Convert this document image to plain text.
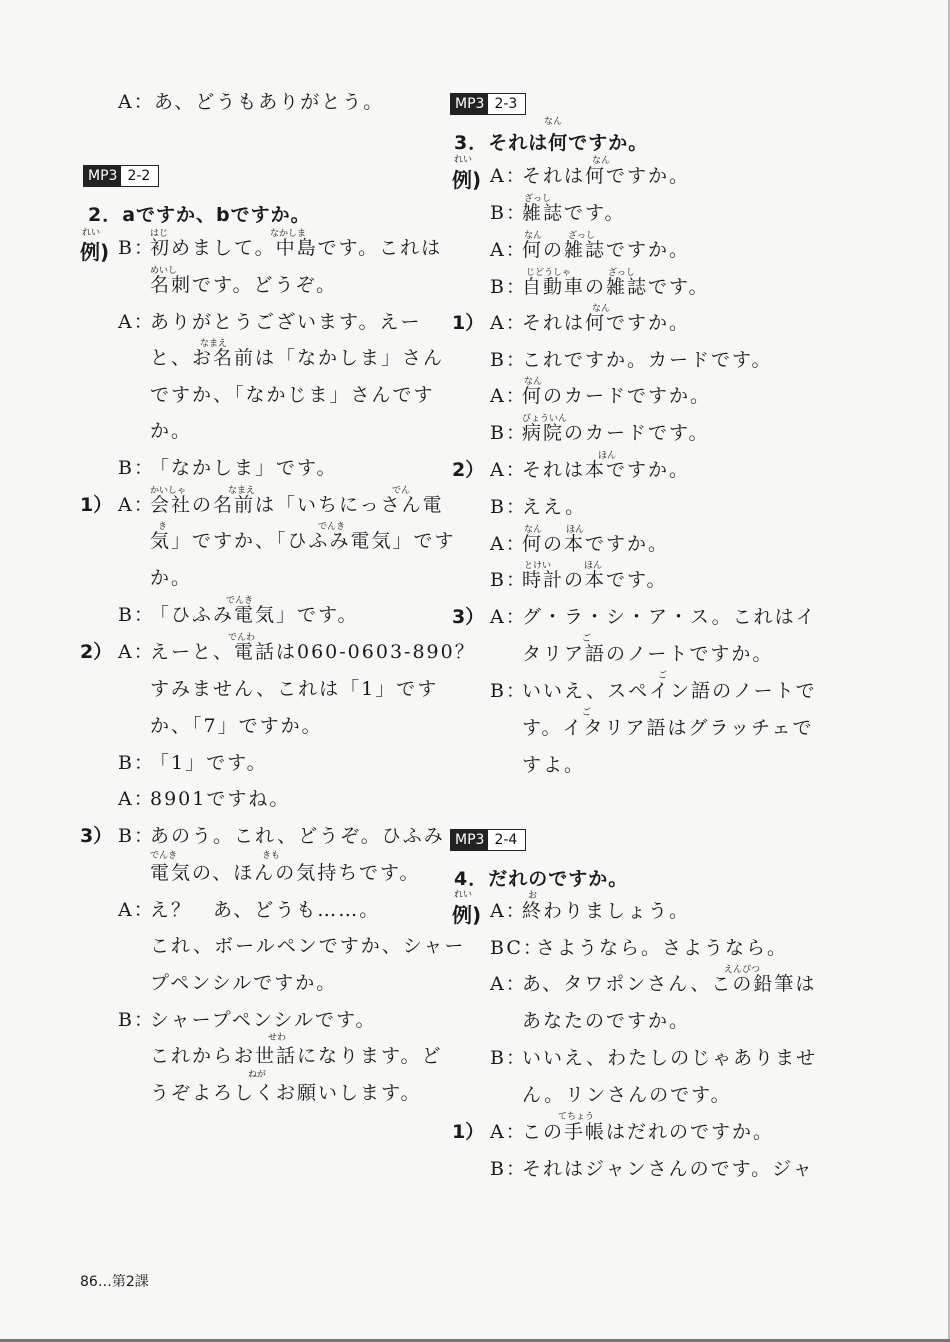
A： あ、どうもありがとう。
MP3 2-2
2．aですか、bですか。
例)
れい	はじ	なかしま
めいし
なまえ
かいしゃ	なまえ	でん
き	でんき
でんき
でんわ
でんき	きも
せわ
ねが
B：
初めまして。中島です。これは
名刺です。どうぞ。
A：
ありがとうございます。えー
と、お名前は「なかしま」さん
ですか、「なかじま」さんです
か。
B：
「なかしま」です。
1） A：
会社の名前は「いちにっさん電
気」ですか、「ひふみ電気」です
か。
B：
「ひふみ電気」です。
2） A：
えーと、電話は060-0603-890？
すみません、これは「1」です
か、「7」ですか。
B：
「1」です。
A：
8901ですね。
3） B：
あのう。これ、どうぞ。ひふみ
電気の、ほんの気持ちです。
A：
え？　あ、どうも……。
これ、ボールペンですか、シャー
プペンシルですか。
B：
シャープペンシルです。
これからお世話になります。ど
うぞよろしくお願いします。
MP3 2-3
3．それは何ですか。
なん
例)
れい	なん
ざっし
なん	ざっし
じどうしゃ	ざっし
なん
なん
びょういん
ほん
なん	ほん
とけい	ほん
ご
ご
ご
A：
それは何ですか。
B：
雑誌です。
A：
何の雑誌ですか。
B：
自動車の雑誌です。
1） A：
それは何ですか。
B：
これですか。カードです。
A：
何のカードですか。
B：
病院のカードです。
2） A：
それは本ですか。
B：
ええ。
A：
何の本ですか。
B：
時計の本です。
3） A：
グ・ラ・シ・ア・ス。これはイ
タリア語のノートですか。
B：
いいえ、スペイン語のノートで
す。イタリア語はグラッチェで
すよ。
MP3 2-4
4．だれのですか。
例)
れい	お
えんぴつ
てちょう
A：
終わりましょう。
BC：
さようなら。さようなら。
A：
あ、タワポンさん、この鉛筆は
あなたのですか。
B：
いいえ、わたしのじゃありませ
ん。リンさんのです。
1） A：
この手帳はだれのですか。
B：
それはジャンさんのです。ジャ
86…第2課
